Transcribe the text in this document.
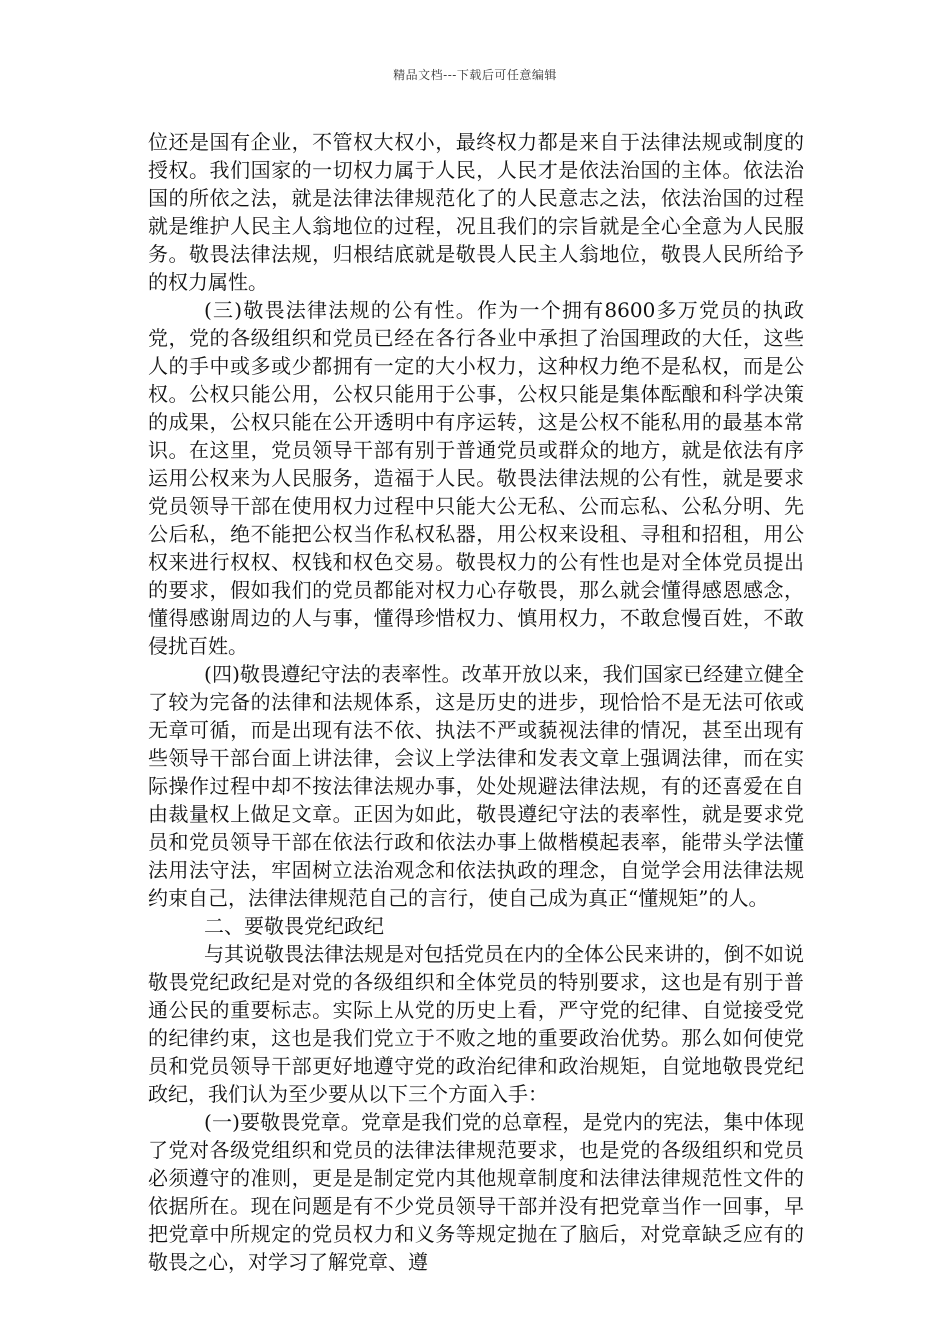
精品文档---下载后可任意编辑

位还是国有企业，不管权大权小，最终权力都是来自于法律法规或制度的授权。我们国家的一切权力属于人民，人民才是依法治国的主体。依法治国的所依之法，就是法律法律规范化了的人民意志之法，依法治国的过程就是维护人民主人翁地位的过程，况且我们的宗旨就是全心全意为人民服务。敬畏法律法规，归根结底就是敬畏人民主人翁地位，敬畏人民所给予的权力属性。

(三)敬畏法律法规的公有性。作为一个拥有8600多万党员的执政党，党的各级组织和党员已经在各行各业中承担了治国理政的大任，这些人的手中或多或少都拥有一定的大小权力，这种权力绝不是私权，而是公权。公权只能公用，公权只能用于公事，公权只能是集体酝酿和科学决策的成果，公权只能在公开透明中有序运转，这是公权不能私用的最基本常识。在这里，党员领导干部有别于普通党员或群众的地方，就是依法有序运用公权来为人民服务，造福于人民。敬畏法律法规的公有性，就是要求党员领导干部在使用权力过程中只能大公无私、公而忘私、公私分明、先公后私，绝不能把公权当作私权私器，用公权来设租、寻租和招租，用公权来进行权权、权钱和权色交易。敬畏权力的公有性也是对全体党员提出的要求，假如我们的党员都能对权力心存敬畏，那么就会懂得感恩感念，懂得感谢周边的人与事，懂得珍惜权力、慎用权力，不敢怠慢百姓，不敢侵扰百姓。

(四)敬畏遵纪守法的表率性。改革开放以来，我们国家已经建立健全了较为完备的法律和法规体系，这是历史的进步，现恰恰不是无法可依或无章可循，而是出现有法不依、执法不严或藐视法律的情况，甚至出现有些领导干部台面上讲法律，会议上学法律和发表文章上强调法律，而在实际操作过程中却不按法律法规办事，处处规避法律法规，有的还喜爱在自由裁量权上做足文章。正因为如此，敬畏遵纪守法的表率性，就是要求党员和党员领导干部在依法行政和依法办事上做楷模起表率，能带头学法懂法用法守法，牢固树立法治观念和依法执政的理念，自觉学会用法律法规约束自己，法律法律规范自己的言行，使自己成为真正“懂规矩”的人。

二、要敬畏党纪政纪

与其说敬畏法律法规是对包括党员在内的全体公民来讲的，倒不如说敬畏党纪政纪是对党的各级组织和全体党员的特别要求，这也是有别于普通公民的重要标志。实际上从党的历史上看，严守党的纪律、自觉接受党的纪律约束，这也是我们党立于不败之地的重要政治优势。那么如何使党员和党员领导干部更好地遵守党的政治纪律和政治规矩，自觉地敬畏党纪政纪，我们认为至少要从以下三个方面入手：

(一)要敬畏党章。党章是我们党的总章程，是党内的宪法，集中体现了党对各级党组织和党员的法律法律规范要求，也是党的各级组织和党员必须遵守的准则，更是是制定党内其他规章制度和法律法律规范性文件的依据所在。现在问题是有不少党员领导干部并没有把党章当作一回事，早把党章中所规定的党员权力和义务等规定抛在了脑后，对党章缺乏应有的敬畏之心，对学习了解党章、遵
